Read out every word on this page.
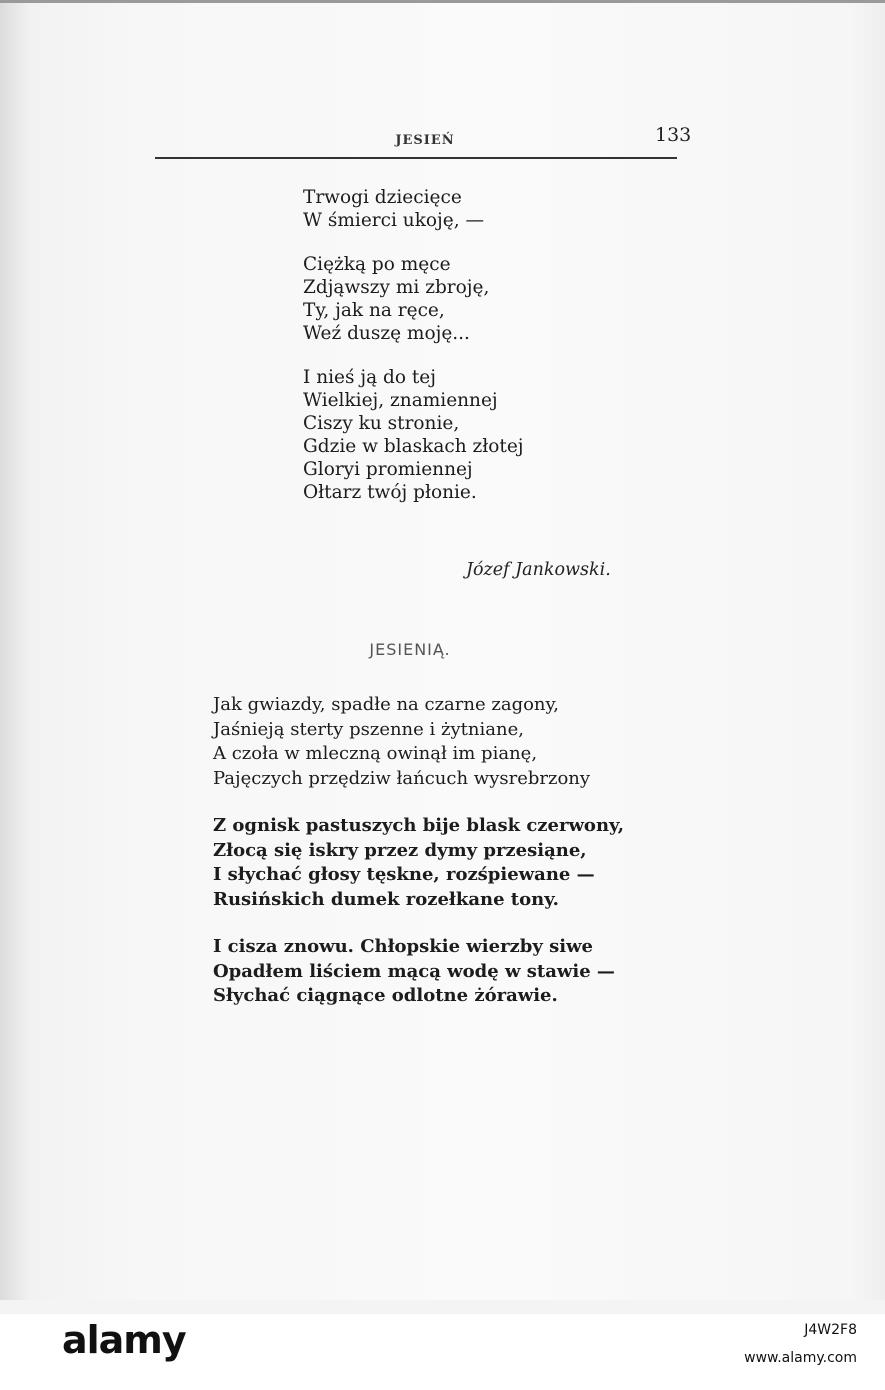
JESIEŃ	133
Trwogi dziecięce
W śmierci ukoję, —
Ciężką po męce
Zdjąwszy mi zbroję,
Ty, jak na ręce,
Weź duszę moję...
I nieś ją do tej
Wielkiej, znamiennej
Ciszy ku stronie,
Gdzie w blaskach złotej
Gloryi promiennej
Ołtarz twój płonie.
Józef Jankowski.
JESIENIĄ.
Jak gwiazdy, spadłe na czarne zagony,
Jaśnieją sterty pszenne i żytniane,
A czoła w mleczną owinął im pianę,
Pajęczych przędziw łańcuch wysrebrzony
Z ognisk pastuszych bije blask czerwony,
Złocą się iskry przez dymy przesiąne,
I słychać głosy tęskne, rozśpiewane —
Rusińskich dumek rozełkane tony.
I cisza znowu. Chłopskie wierzby siwe
Opadłem liściem mącą wodę w stawie —
Słychać ciągnące odlotne żórawie.
alamy	J4W2F8
www.alamy.com
